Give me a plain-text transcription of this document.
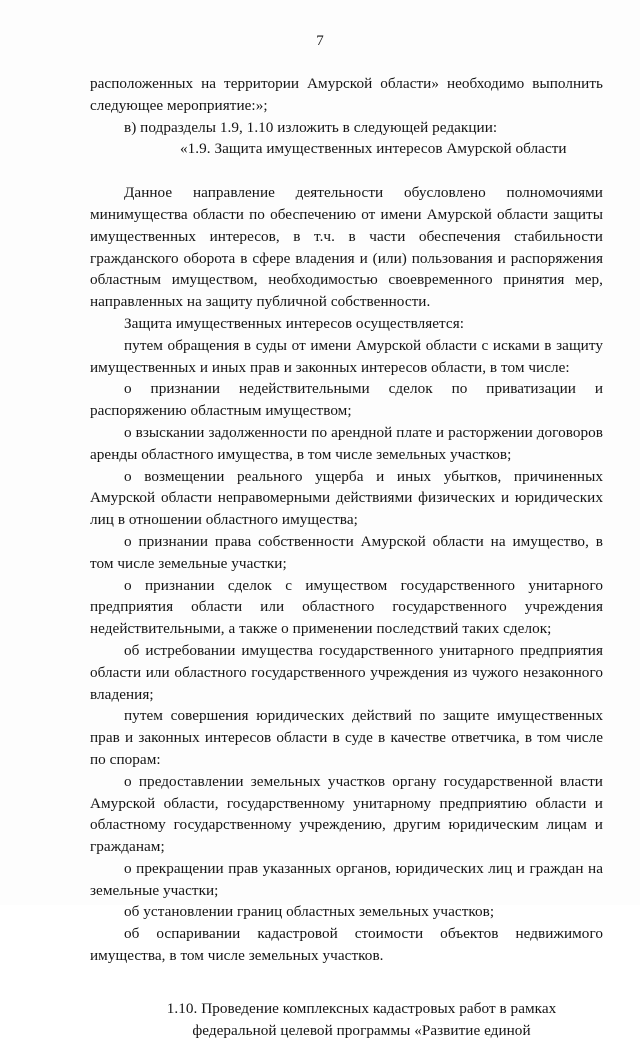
7

расположенных на территории Амурской области» необходимо выполнить следующее мероприятие:»;

в) подразделы 1.9, 1.10 изложить в следующей редакции:

«1.9. Защита имущественных интересов Амурской области

Данное направление деятельности обусловлено полномочиями минимущества области по обеспечению от имени Амурской области защиты имущественных интересов, в т.ч. в части обеспечения стабильности гражданского оборота в сфере владения и (или) пользования и распоряжения областным имуществом, необходимостью своевременного принятия мер, направленных на защиту публичной собственности.

Защита имущественных интересов осуществляется:

путем обращения в суды от имени Амурской области с исками в защиту имущественных и иных прав и законных интересов области, в том числе:

о признании недействительными сделок по приватизации и распоряжению областным имуществом;

о взыскании задолженности по арендной плате и расторжении договоров аренды областного имущества, в том числе земельных участков;

о возмещении реального ущерба и иных убытков, причиненных Амурской области неправомерными действиями физических и юридических лиц в отношении областного имущества;

о признании права собственности Амурской области на имущество, в том числе земельные участки;

о признании сделок с имуществом государственного унитарного предприятия области или областного государственного учреждения недействительными, а также о применении последствий таких сделок;

об истребовании имущества государственного унитарного предприятия области или областного государственного учреждения из чужого незаконного владения;

путем совершения юридических действий по защите имущественных прав и законных интересов области в суде в качестве ответчика, в том числе по спорам:

о предоставлении земельных участков органу государственной власти Амурской области, государственному унитарному предприятию области и областному государственному учреждению, другим юридическим лицам и гражданам;

о прекращении прав указанных органов, юридических лиц и граждан на земельные участки;

об установлении границ областных земельных участков;

об оспаривании кадастровой стоимости объектов недвижимого имущества, в том числе земельных участков.

1.10. Проведение комплексных кадастровых работ в рамках федеральной целевой программы «Развитие единой
